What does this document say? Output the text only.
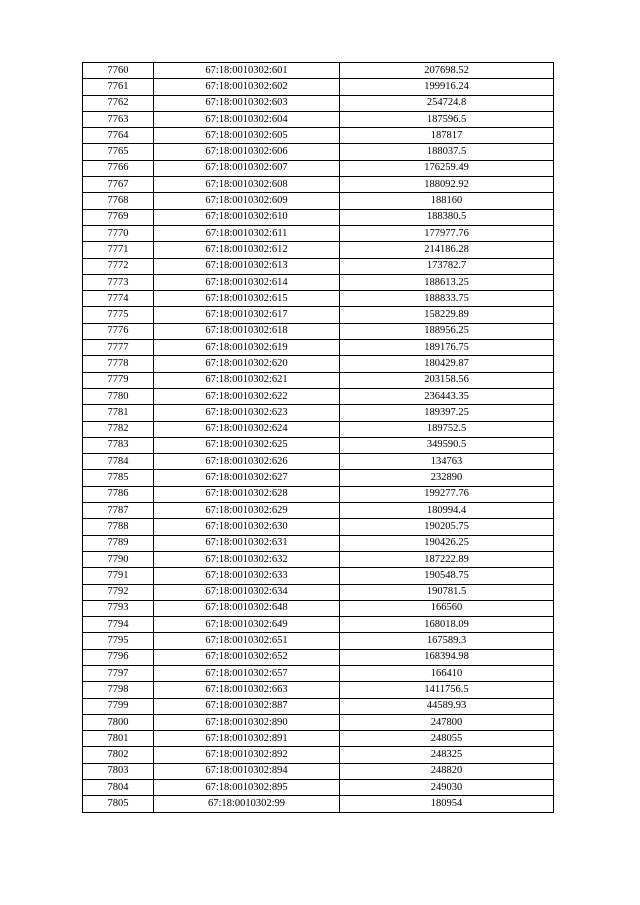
7760	67:18:0010302:601	207698.52
7761	67:18:0010302:602	199916.24
7762	67:18:0010302:603	254724.8
7763	67:18:0010302:604	187596.5
7764	67:18:0010302:605	187817
7765	67:18:0010302:606	188037.5
7766	67:18:0010302:607	176259.49
7767	67:18:0010302:608	188092.92
7768	67:18:0010302:609	188160
7769	67:18:0010302:610	188380.5
7770	67:18:0010302:611	177977.76
7771	67:18:0010302:612	214186.28
7772	67:18:0010302:613	173782.7
7773	67:18:0010302:614	188613.25
7774	67:18:0010302:615	188833.75
7775	67:18:0010302:617	158229.89
7776	67:18:0010302:618	188956.25
7777	67:18:0010302:619	189176.75
7778	67:18:0010302:620	180429.87
7779	67:18:0010302:621	203158.56
7780	67:18:0010302:622	236443.35
7781	67:18:0010302:623	189397.25
7782	67:18:0010302:624	189752.5
7783	67:18:0010302:625	349590.5
7784	67:18:0010302:626	134763
7785	67:18:0010302:627	232890
7786	67:18:0010302:628	199277.76
7787	67:18:0010302:629	180994.4
7788	67:18:0010302:630	190205.75
7789	67:18:0010302:631	190426.25
7790	67:18:0010302:632	187222.89
7791	67:18:0010302:633	190548.75
7792	67:18:0010302:634	190781.5
7793	67:18:0010302:648	166560
7794	67:18:0010302:649	168018.09
7795	67:18:0010302:651	167589.3
7796	67:18:0010302:652	168394.98
7797	67:18:0010302:657	166410
7798	67:18:0010302:663	1411756.5
7799	67:18:0010302:887	44589.93
7800	67:18:0010302:890	247800
7801	67:18:0010302:891	248055
7802	67:18:0010302:892	248325
7803	67:18:0010302:894	248820
7804	67:18:0010302:895	249030
7805	67:18:0010302:99	180954
